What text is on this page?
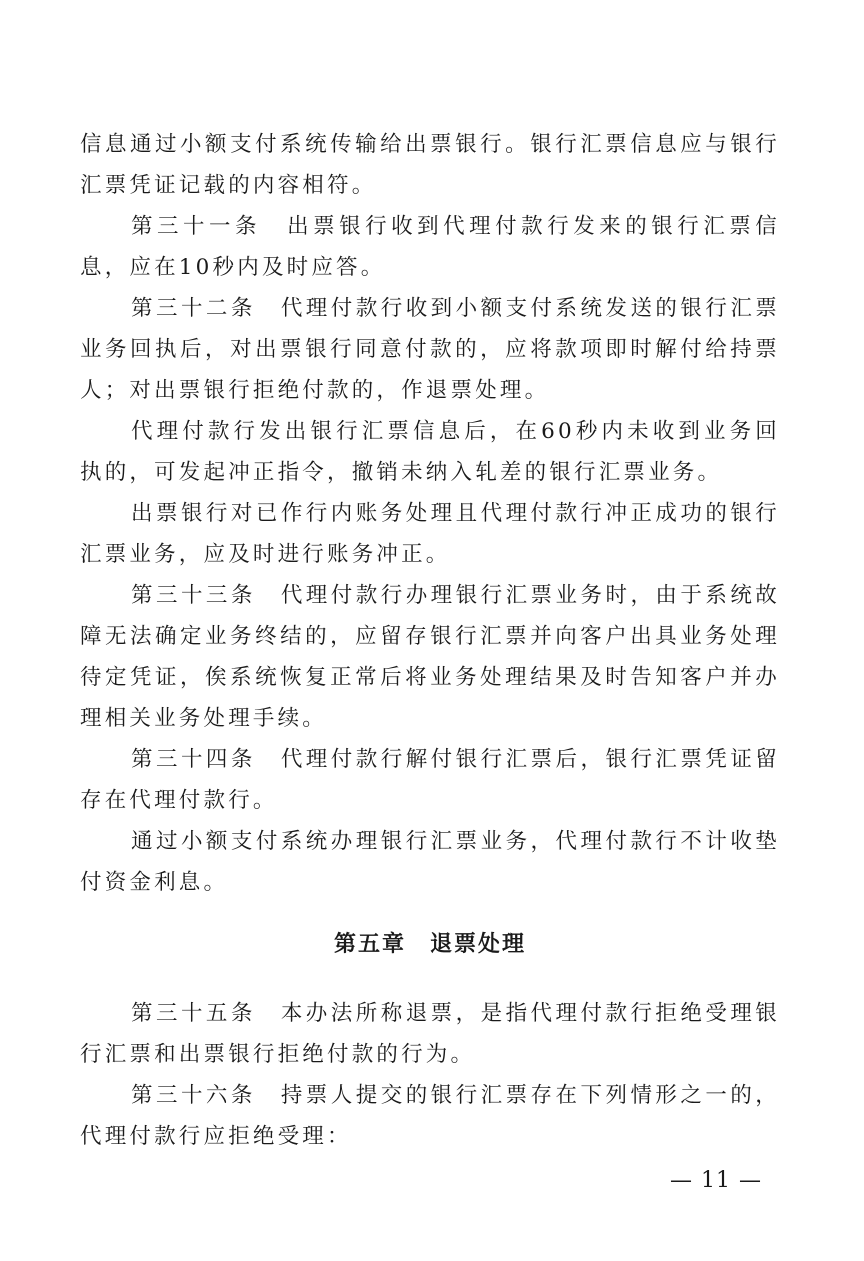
信息通过小额支付系统传输给出票银行。银行汇票信息应与银行汇票凭证记载的内容相符。

第三十一条　出票银行收到代理付款行发来的银行汇票信息，应在10秒内及时应答。

第三十二条　代理付款行收到小额支付系统发送的银行汇票业务回执后，对出票银行同意付款的，应将款项即时解付给持票人；对出票银行拒绝付款的，作退票处理。

代理付款行发出银行汇票信息后，在60秒内未收到业务回执的，可发起冲正指令，撤销未纳入轧差的银行汇票业务。

出票银行对已作行内账务处理且代理付款行冲正成功的银行汇票业务，应及时进行账务冲正。

第三十三条　代理付款行办理银行汇票业务时，由于系统故障无法确定业务终结的，应留存银行汇票并向客户出具业务处理待定凭证，俟系统恢复正常后将业务处理结果及时告知客户并办理相关业务处理手续。

第三十四条　代理付款行解付银行汇票后，银行汇票凭证留存在代理付款行。

通过小额支付系统办理银行汇票业务，代理付款行不计收垫付资金利息。

第五章 退票处理

第三十五条　本办法所称退票，是指代理付款行拒绝受理银行汇票和出票银行拒绝付款的行为。

第三十六条　持票人提交的银行汇票存在下列情形之一的，代理付款行应拒绝受理：

— 11 —
